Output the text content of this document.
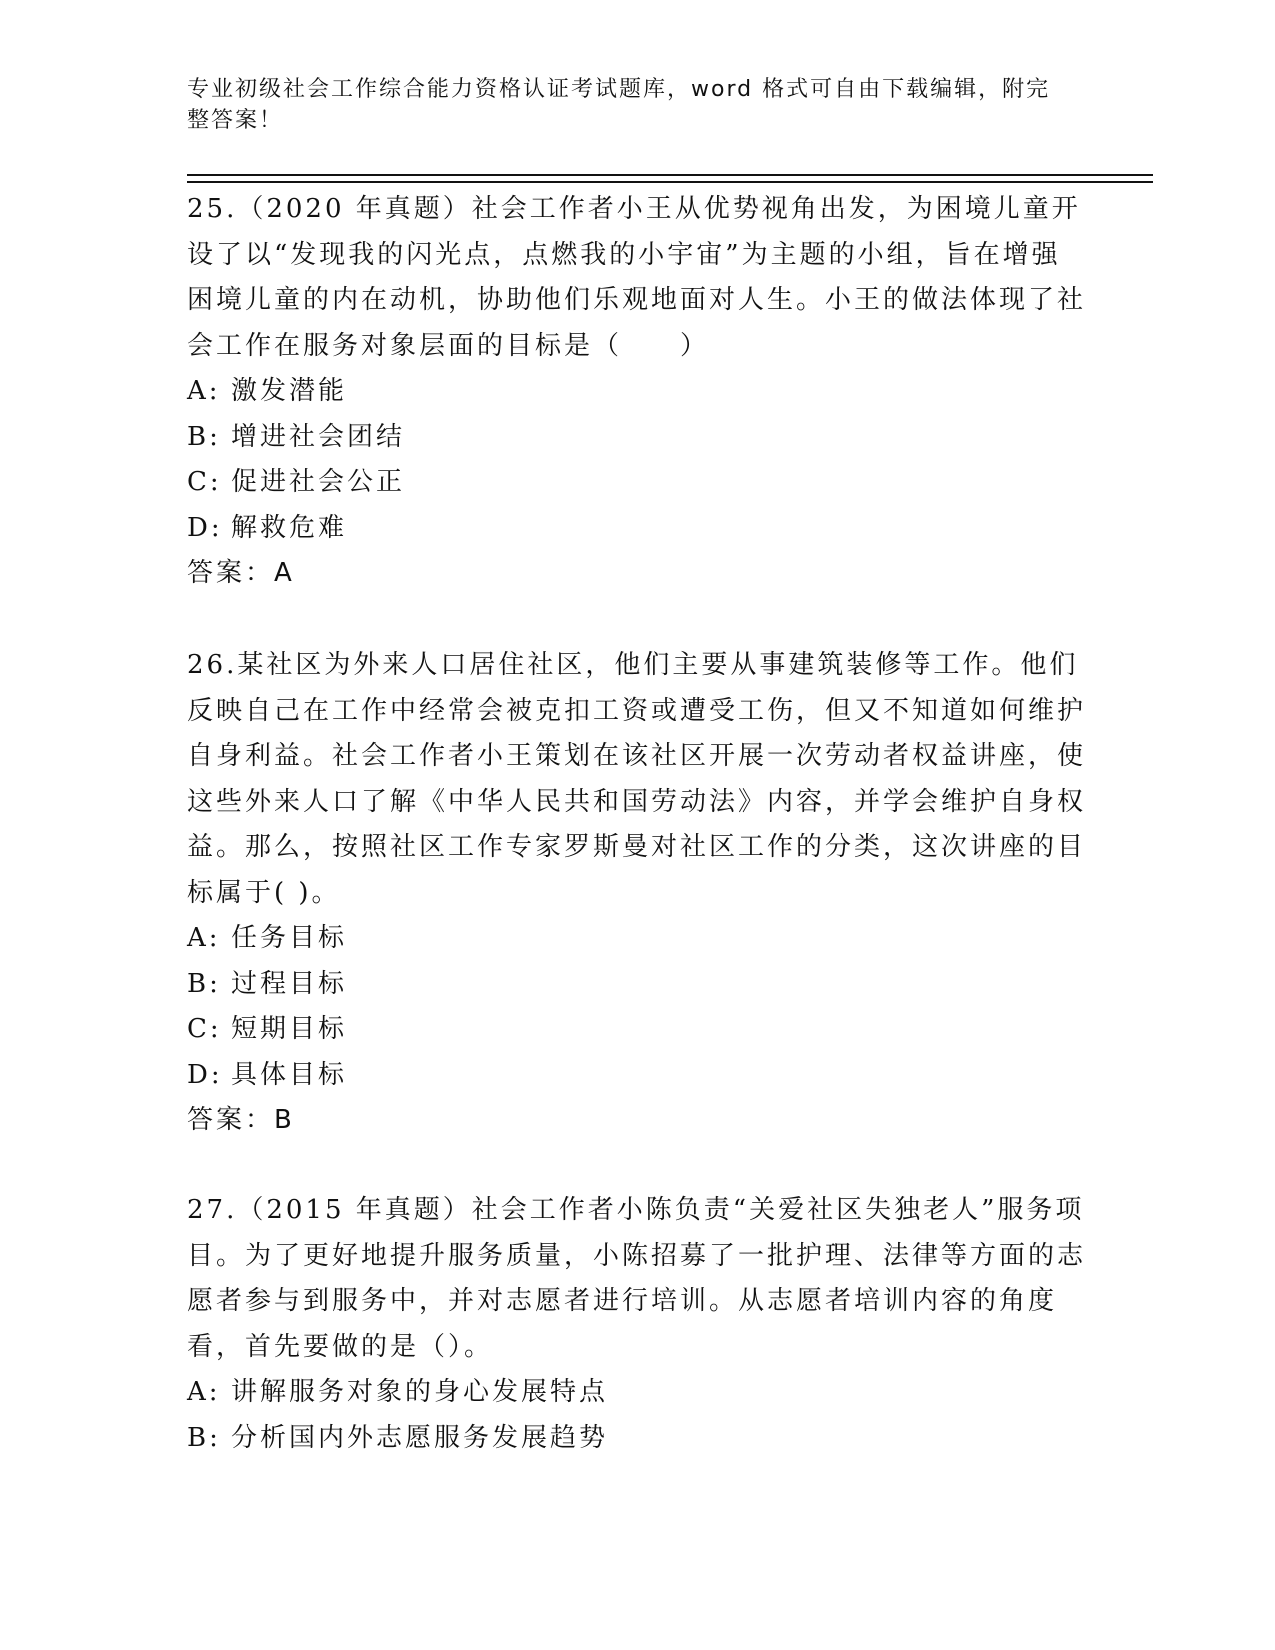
专业初级社会工作综合能力资格认证考试题库，word 格式可自由下载编辑，附完整答案！

25.（2020 年真题）社会工作者小王从优势视角出发，为困境儿童开设了以“发现我的闪光点，点燃我的小宇宙”为主题的小组，旨在增强困境儿童的内在动机，协助他们乐观地面对人生。小王的做法体现了社会工作在服务对象层面的目标是（　　）

A: 激发潜能

B: 增进社会团结

C: 促进社会公正

D: 解救危难

答案：A

26.某社区为外来人口居住社区，他们主要从事建筑装修等工作。他们反映自己在工作中经常会被克扣工资或遭受工伤，但又不知道如何维护自身利益。社会工作者小王策划在该社区开展一次劳动者权益讲座，使这些外来人口了解《中华人民共和国劳动法》内容，并学会维护自身权益。那么，按照社区工作专家罗斯曼对社区工作的分类，这次讲座的目标属于( )。

A: 任务目标

B: 过程目标

C: 短期目标

D: 具体目标

答案：B

27.（2015 年真题）社会工作者小陈负责“关爱社区失独老人”服务项目。为了更好地提升服务质量，小陈招募了一批护理、法律等方面的志愿者参与到服务中，并对志愿者进行培训。从志愿者培训内容的角度看，首先要做的是（）。

A: 讲解服务对象的身心发展特点

B: 分析国内外志愿服务发展趋势
